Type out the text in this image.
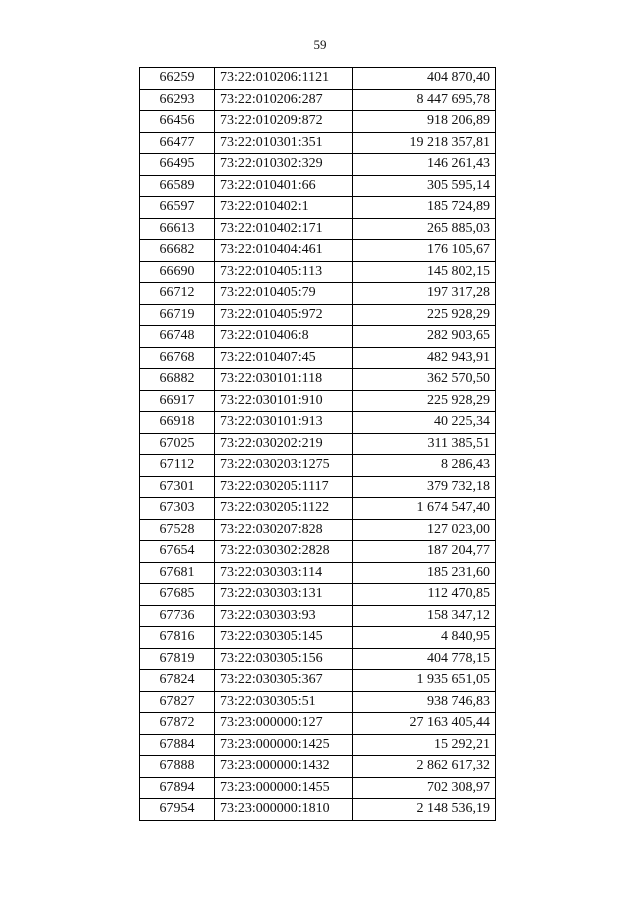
59
66259	73:22:010206:1121	404 870,40
66293	73:22:010206:287	8 447 695,78
66456	73:22:010209:872	918 206,89
66477	73:22:010301:351	19 218 357,81
66495	73:22:010302:329	146 261,43
66589	73:22:010401:66	305 595,14
66597	73:22:010402:1	185 724,89
66613	73:22:010402:171	265 885,03
66682	73:22:010404:461	176 105,67
66690	73:22:010405:113	145 802,15
66712	73:22:010405:79	197 317,28
66719	73:22:010405:972	225 928,29
66748	73:22:010406:8	282 903,65
66768	73:22:010407:45	482 943,91
66882	73:22:030101:118	362 570,50
66917	73:22:030101:910	225 928,29
66918	73:22:030101:913	40 225,34
67025	73:22:030202:219	311 385,51
67112	73:22:030203:1275	8 286,43
67301	73:22:030205:1117	379 732,18
67303	73:22:030205:1122	1 674 547,40
67528	73:22:030207:828	127 023,00
67654	73:22:030302:2828	187 204,77
67681	73:22:030303:114	185 231,60
67685	73:22:030303:131	112 470,85
67736	73:22:030303:93	158 347,12
67816	73:22:030305:145	4 840,95
67819	73:22:030305:156	404 778,15
67824	73:22:030305:367	1 935 651,05
67827	73:22:030305:51	938 746,83
67872	73:23:000000:127	27 163 405,44
67884	73:23:000000:1425	15 292,21
67888	73:23:000000:1432	2 862 617,32
67894	73:23:000000:1455	702 308,97
67954	73:23:000000:1810	2 148 536,19
